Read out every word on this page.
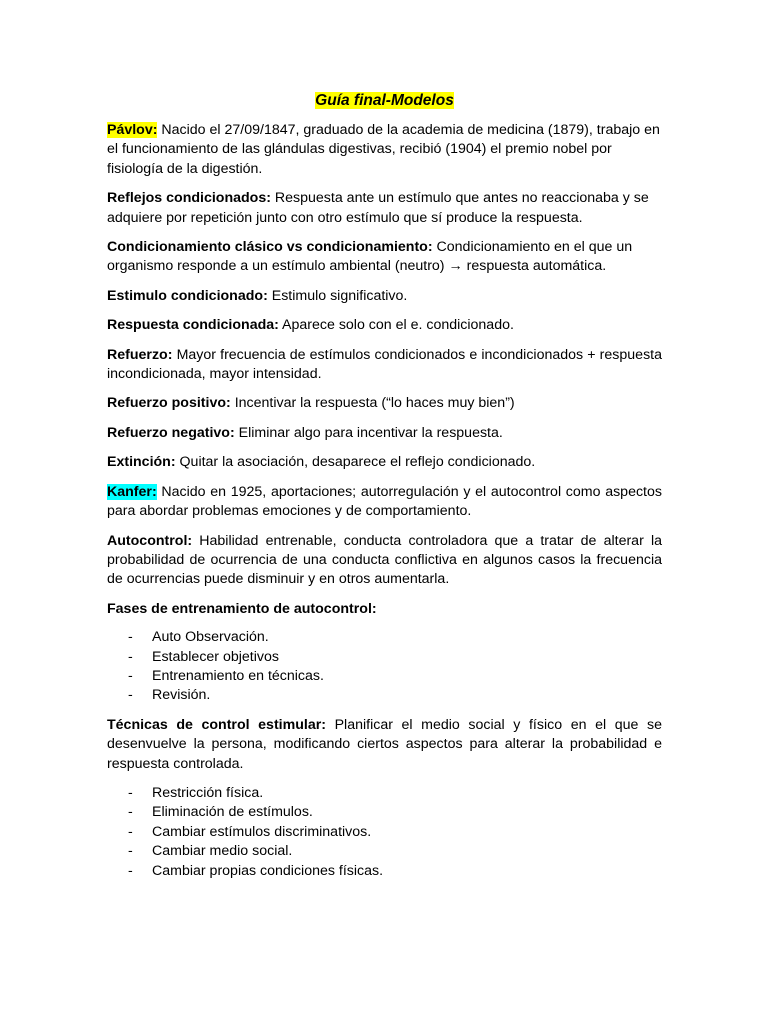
Guía final-Modelos

Pávlov: Nacido el 27/09/1847, graduado de la academia de medicina (1879), trabajo en el funcionamiento de las glándulas digestivas, recibió (1904) el premio nobel por fisiología de la digestión.

Reflejos condicionados: Respuesta ante un estímulo que antes no reaccionaba y se adquiere por repetición junto con otro estímulo que sí produce la respuesta.

Condicionamiento clásico vs condicionamiento: Condicionamiento en el que un organismo responde a un estímulo ambiental (neutro) → respuesta automática.

Estimulo condicionado: Estimulo significativo.

Respuesta condicionada: Aparece solo con el e. condicionado.

Refuerzo: Mayor frecuencia de estímulos condicionados e incondicionados + respuesta incondicionada, mayor intensidad.

Refuerzo positivo: Incentivar la respuesta (“lo haces muy bien”)

Refuerzo negativo: Eliminar algo para incentivar la respuesta.

Extinción: Quitar la asociación, desaparece el reflejo condicionado.

Kanfer: Nacido en 1925, aportaciones; autorregulación y el autocontrol como aspectos para abordar problemas emociones y de comportamiento.

Autocontrol: Habilidad entrenable, conducta controladora que a tratar de alterar la probabilidad de ocurrencia de una conducta conflictiva en algunos casos la frecuencia de ocurrencias puede disminuir y en otros aumentarla.

Fases de entrenamiento de autocontrol:

- Auto Observación.
- Establecer objetivos
- Entrenamiento en técnicas.
- Revisión.

Técnicas de control estimular: Planificar el medio social y físico en el que se desenvuelve la persona, modificando ciertos aspectos para alterar la probabilidad e respuesta controlada.

- Restricción física.
- Eliminación de estímulos.
- Cambiar estímulos discriminativos.
- Cambiar medio social.
- Cambiar propias condiciones físicas.
